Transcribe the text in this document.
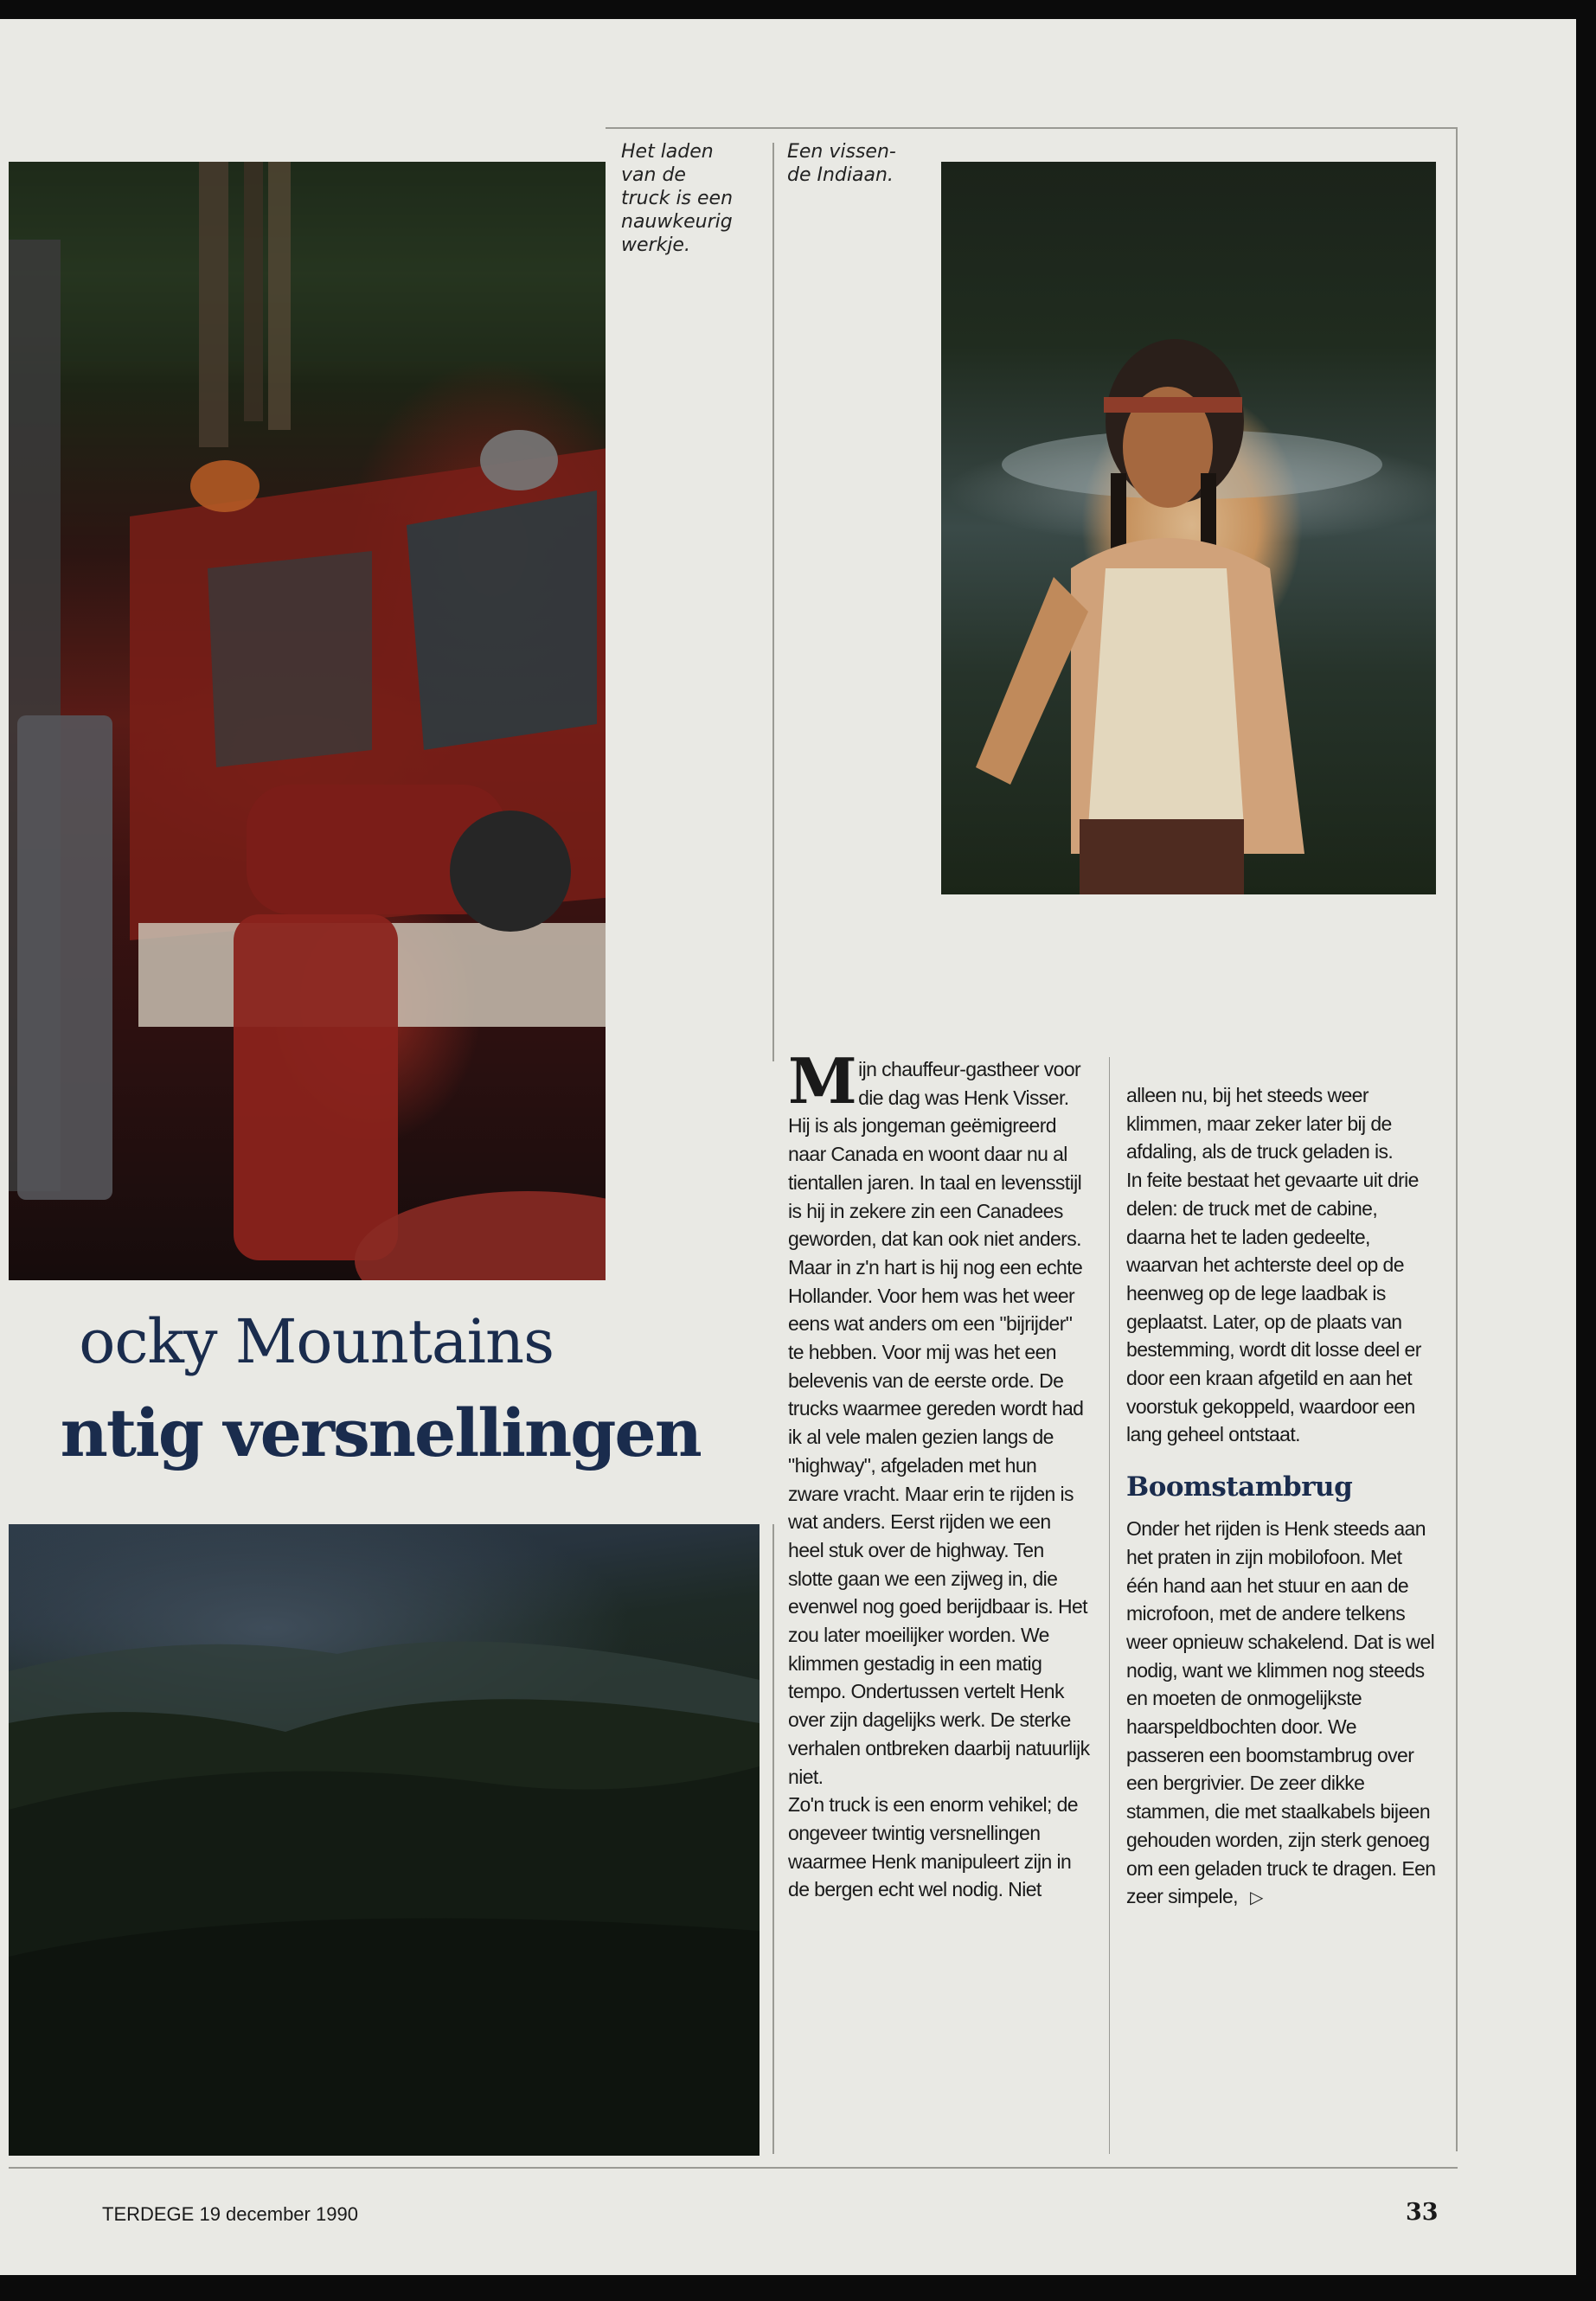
Het laden
van de
truck is een
nauwkeurig
werkje.

Een vissen-
de Indiaan.

ocky Mountains
ntig versnellingen

Mijn chauffeur-gastheer voor die dag was Henk Visser. Hij is als jongeman geëmigreerd naar Canada en woont daar nu al tientallen jaren. In taal en levensstijl is hij in zekere zin een Canadees geworden, dat kan ook niet anders. Maar in z'n hart is hij nog een echte Hollander. Voor hem was het weer eens wat anders om een "bijrijder" te hebben. Voor mij was het een belevenis van de eerste orde. De trucks waarmee gereden wordt had ik al vele malen gezien langs de "highway", afgeladen met hun zware vracht. Maar erin te rijden is wat anders. Eerst rijden we een heel stuk over de highway. Ten slotte gaan we een zijweg in, die evenwel nog goed berijdbaar is. Het zou later moeilijker worden. We klimmen gestadig in een matig tempo. Ondertussen vertelt Henk over zijn dagelijks werk. De sterke verhalen ontbreken daarbij natuurlijk niet.

Zo'n truck is een enorm vehikel; de ongeveer twintig versnellingen waarmee Henk manipuleert zijn in de bergen echt wel nodig. Niet

alleen nu, bij het steeds weer klimmen, maar zeker later bij de afdaling, als de truck geladen is.

In feite bestaat het gevaarte uit drie delen: de truck met de cabine, daarna het te laden gedeelte, waarvan het achterste deel op de heenweg op de lege laadbak is geplaatst. Later, op de plaats van bestemming, wordt dit losse deel er door een kraan afgetild en aan het voorstuk gekoppeld, waardoor een lang geheel ontstaat.

Boomstambrug

Onder het rijden is Henk steeds aan het praten in zijn mobilofoon. Met één hand aan het stuur en aan de microfoon, met de andere telkens weer opnieuw schakelend. Dat is wel nodig, want we klimmen nog steeds en moeten de onmogelijkste haarspeldbochten door. We passeren een boomstambrug over een bergrivier. De zeer dikke stammen, die met staalkabels bijeen gehouden worden, zijn sterk genoeg om een geladen truck te dragen. Een zeer simpele, ▷

TERDEGE 19 december 1990	33
